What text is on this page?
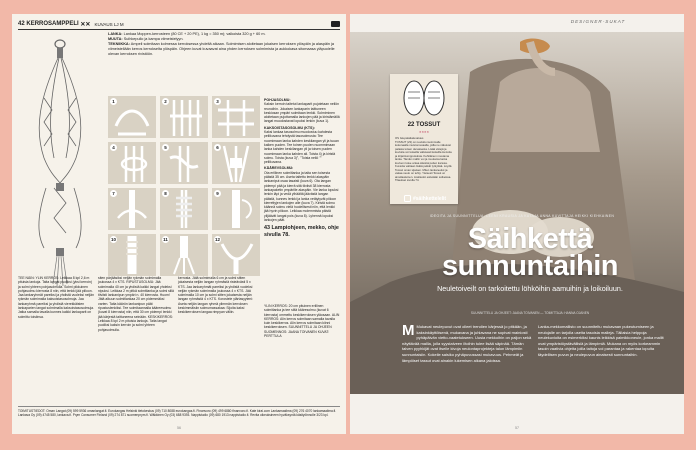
42
KERROSAMPPELI
✕✕ KUVAUS LJ M
LANKA: Lankaa Moppen-kerrosteen (80 CE + 20 PE), 1 kg = 350 m); valkoista 320 g + 60 m.
MUUTA: Suihkepullo ja kampa viimeistelyyn.
TEKNIIKKA: Ampeli solmitaan kolmessa kerroksessa yhdeltä aikaan. Solmimisen aloitetaan jokaisen kerroksen ylöspäin ja alaspäin ja viimeistellään kerros kerrokselta ylöspäin. Ohjeen kuvat kuvaavat aina yhden kerroksen solmimista ja aukkokasa sitomaasa yläpuolelle olevan kerroksen rivistöön.
1	2	3
4	5	6
7	8	9
10	11	12
POHJASOLMU:
Kaksin kerroin taitetut lankaparit pujotetaan neliön reunoihin. Jokaisen lankaparin taittuneen keskiosan ympäri solmitaan lenkki. Solmiminen aloitetaan pujottamalla lankojen pää ja kiristämällä langat muodostavat lopuksi lenkin (kuva 1).
KAKSOISTASOSOLMU (KTS):
Kaksi lankaa tasosolmu muodostuu kahdesta peilikuvana tehdystä tasosolmusta: Tee nuomimaan lanka kahden keskilangan yli ja tuuan kaiken puolen. Tee toinen puolen nuommimaan lanka kahden keskilangan yli ja toisen puolen nuomimaan lanka kahden ali. Toista 4) ja kiristä solmu. Toista (kuva 3)°, "Toista neliö "" peilikuvana.
KÄÄREVSOLMU:
Ota erillinen solmitlanka ja taita sen toisesta päästä 35 cm. Aseta taitettu lenkki alaspäin lankaniput osaa tasaisti (kuva 6). Ota langan pidempi pää ja kierrä sitä tiiviisti 38 kierrosta lankapaketin ympärille alaspäin. Vie lanka lopuksi lenkin läpi ja vedä ylhäältä jäävästä langan päästä, kunnes lenkki ja lanka vetäytyvät piiloon kierrettyjen lankojen alle (kuva 7). Kiristä solmu käännä solmu vielä huolellisesti niin, että lenkki jää hyvin piiloon. Leikkaa molemmista päistä ylijäävät langat pois (kuva 8). Lyhennä lopuksi lankojen päät.
43 Lampiohjeen, mekko, ohje sivulla 78.
TEE NÄIN: YLIN KERROS: Leikkaa 8 kpl 2,6 m pituisia lankoja. Taita langat puoliksi (yksi kerroin) ja solmi yhteen pohjasolmulla. Solmi pikkuinen pohjasolmu kierrosta 8 niin, että lenkki jää piiloon. Jaa lankaryhmät pareiksi ja yhdistä vuoleksi neljän rykmän solmimalla kaksoistasosolmuja. Jaa lankaryhmä pareiksi ja yhdistä vierekkäisten lankaparien langat solmimalla kaksoistasosolmuja. Jatka samalla tavalla kunnes kaikki lankaparit on solmittu toisiinsa.
siten pärjääsiksi neljän rykmän solmimalla joukossa 4 x KTS. RIPUSTUSOLMU: Jää solmimalla 40 cm ja yhdistä kaikki langat yhdeksi nipuksi. Leikkaa 2 m pitkä solmitlanka ja solmi sillä tiiviisti lankanipun ympäri n. 40 kierrosta. Huom! Jätä alkuun solmitlankaa 20 cm pidemmäksi varten. Taita käärön lankanipun päät ripustuslenkiksi. Tee solmitaannalla kääreesolmu (kuvat 8 kierrosta) niin, että 30 cm pidempi lenkki jää kärjestä taittuneena seinään. KESKIKERROS: Leikkaa 8 kpl 2 m pituisia lankoja. Taita langat puoliksi kaksin kerroin ja solmi yhteen pohjasolmulla.
kerrosta. Jätä solmimalla 6 cm ja solmi sitten jokaisesta neljän langan ryhmästä risteävästi 5 x KTS. Jaa lankaryhmät pareiksi ja yhdistä vuoleksi neljän rykmän solmimalla joukossa 4 x KTS. Jää solmimalla 10 cm ja solmi sitten jokaisesta neljän langan ryhmästä 4 x KTS. Korostele ylärtasyyteni: Aseta neljän langan ryhmä ylimmän kerroksen keskimmäisiin solmumassakaa: Sijoita kaksi keskikerroksen langaa rimpyan väliin.
YLIN KERROS: 20 cm pituinen erillinen solmitlanka ja tee siitä kääresolmu (kuvat 6 kierrosta) ommeltu keskikerroksen yläosaan. ALIN KERROS: Alin kerros solmitaan samalla tavalla kuin keskikerros. Alin kerros solmitaan kiinni keskikerroksen. SUUNNITTELU JA OHJEEN SUOMENNOS: JAANA TOIVANEN KUVAT: PERTTULA
TOIMITUSTIEDOT: Oman Langat (09) 599 5936 omanlangat.fi. Eurokangas Helsinki tietokeskus (09) 710 8088 eurokangas.fi. Finanvoro (09) 499 6880 finanvoro.fi. Kate kirai.com Lankamaailma (09) 276 4070 lankamaailma.fi. Lankava Oy (09) 4745 580, lankava.fi. Prym Consumer Finland (09) 274 871 suomenprym.fi. Wäkkinen Oy (03) 688 9393. Nappistudio (09) 680 1913 nappistudio.fi. Revita oikeuksineen hyväksyntä käsityöinnolle 3/23 kpl.
56
DESIGNER-SUKAT
22 TOSSUT
✕✕✕✕
OS Isä-palattatuvatuus
TOSSUT (23) on neulottu isoimmalle kokonaalla muistomuvaalla, joilla ne näkuivat palasia toisen olevaisesta. Lisää värejä ja kuvioita voi kokeilla valtavasti kokeilla kuvioita ja kirjaintumpputuksia. Kehitäinen muutama lanka. Tämän mallin voi ja muutama lanka kuvioon tulee antaa sileänä pelien kanssa. Kuvioita valitaan lisätä pelkät tyrkyttää. Löydä Tossut oman sijaisen. Miten lankaneulot ja vakaa neulo on tehty. Yleisesti Tossut on ainutlaatuinen. Lisätiedot esitetään sulkeissa. Tilaukset sivulla 74.
#säihkettelelit
IDEOITA JA SUUNNITTELUA: LEENI KRAUSIA JA KATAJA ANNA KUVITTAJA HEIKKI KIEHKAINEN
Säihkettä
sunnuntaihin
Neuletoiveilt on tarkoitettu löhköihin aamuihin ja loikoiluun.
SUUNNITTELU JA OHJEET: JAANA TOIVANEN — TOIMITTAJA: HANNA OJANEN
M Mukavat neulepuvut ovat olleet trendien kärjessä jo pitkään, ja kaksinkäyttöisenä, mukavana ja juhlavana ne sopivat mainiosti pyhäpäivän vietto-vaatetukseen. Uusia mekkoihin on paljon sekä näyttävää mallia, jolla syystalveen iltoihin tulee lisää säpinää. Tämän talven pyyhkijät ovat itselle kivoja neulontaprojekteja talon lämpimiin sunnuntaisiin. Kokeile saisiko pyhäpuvussasi mukavuus. Pehmeät ja lämpöiset tassut ovat ainakin lukemisen aikana jaloissa.
Lanka-mekkomallisto on suunniteltu mukavaan pukeutumiseen ja neulojalle on tarjolla useita tasoisia malleja. Tällaisia helppoja neulekuvioita on esimerkiksi kaunis leikkisä palmikkoneule, jonka mallit ovat ympäristöystävällisiä ja lämpimiä. Mukana on myös korkeammin tasoin vaativia ohjeita joilla taitoja voi parantaa ja rakentaa lopulta täydellisen puvun ja neulepuvun ainaisesti sunnuntaihin.
57
